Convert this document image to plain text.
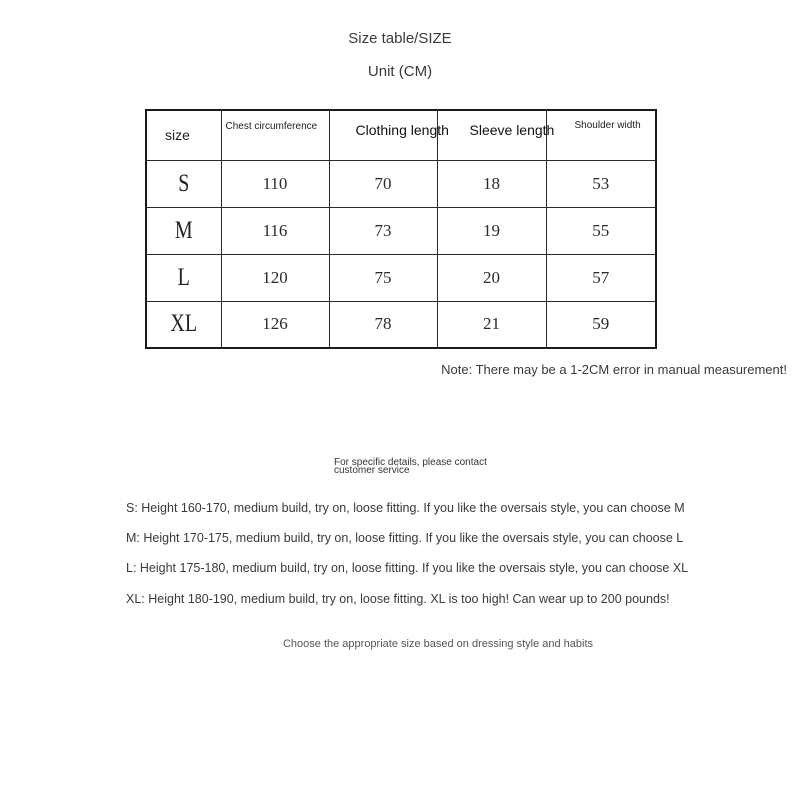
Size table/SIZE
Unit (CM)
size	Chest circumference	Clothing length	Sleeve length	Shoulder width

S	110	70	18	53

M	116	73	19	55

L	120	75	20	57

XL	126	78	21	59
Note: There may be a 1-2CM error in manual measurement!
For specific details, please contact
customer service
S: Height 160-170, medium build, try on, loose fitting. If you like the oversais style, you can choose M
M: Height 170-175, medium build, try on, loose fitting. If you like the oversais style, you can choose L
L: Height 175-180, medium build, try on, loose fitting. If you like the oversais style, you can choose XL
XL: Height 180-190, medium build, try on, loose fitting. XL is too high! Can wear up to 200 pounds!
Choose the appropriate size based on dressing style and habits
